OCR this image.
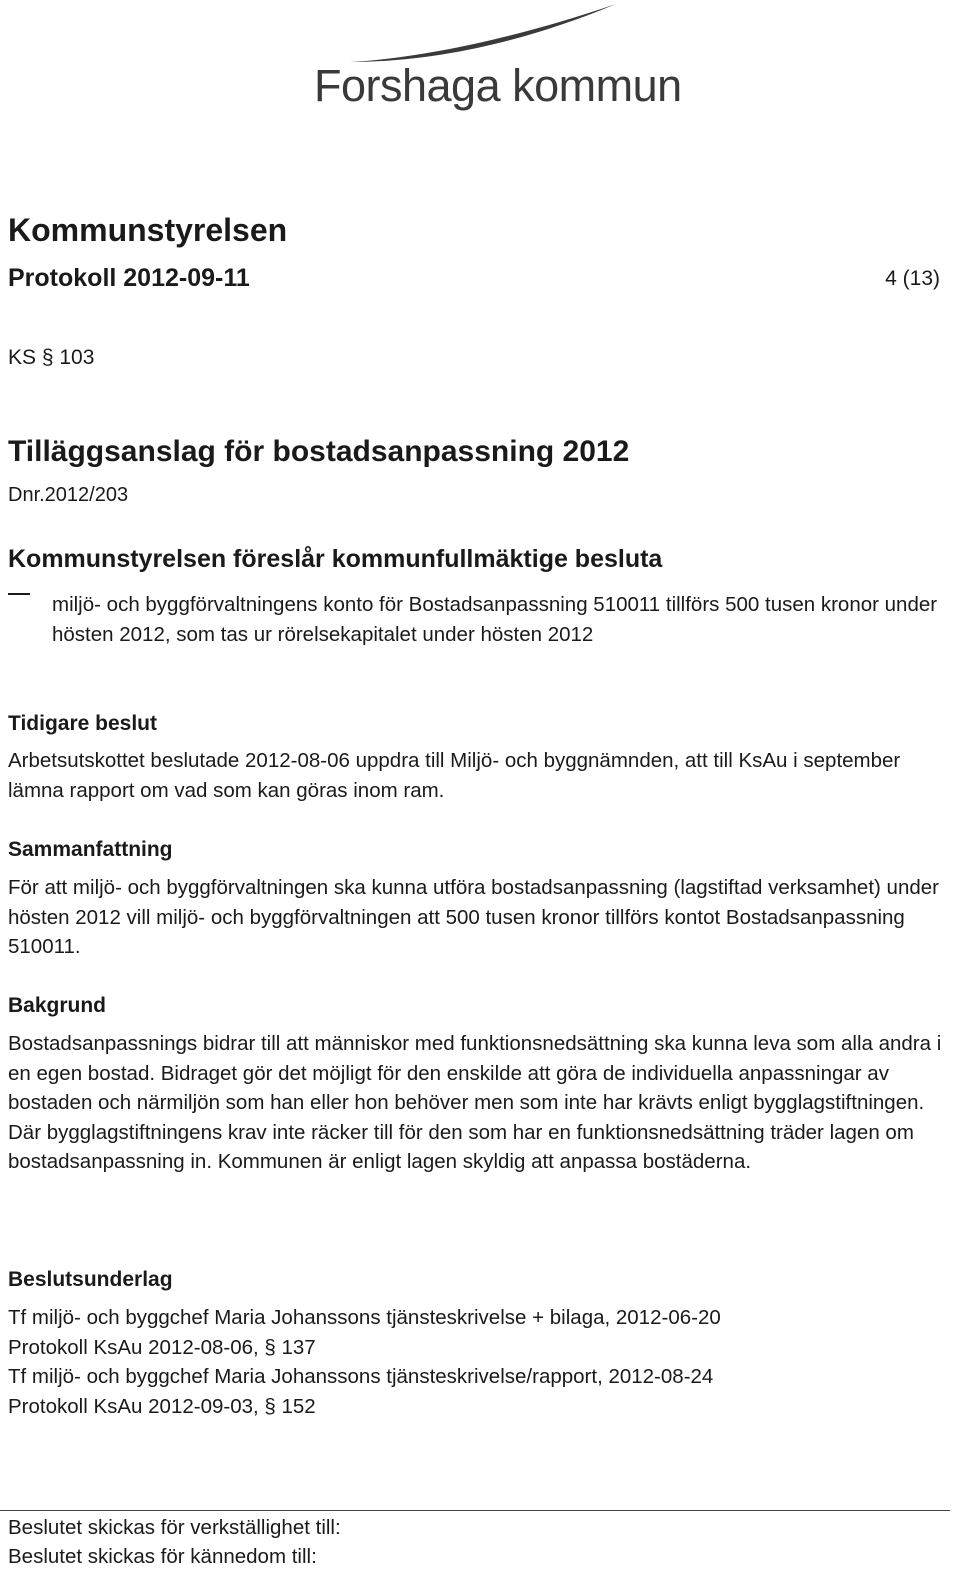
Forshaga kommun
Kommunstyrelsen
Protokoll 2012-09-11	4 (13)
KS § 103
Tilläggsanslag för bostadsanpassning 2012
Dnr.2012/203
Kommunstyrelsen föreslår kommunfullmäktige besluta
miljö- och byggförvaltningens konto för Bostadsanpassning 510011 tillförs 500 tusen kronor under hösten 2012, som tas ur rörelsekapitalet under hösten 2012
Tidigare beslut
Arbetsutskottet beslutade 2012-08-06 uppdra till Miljö- och byggnämnden, att till KsAu i september lämna rapport om vad som kan göras inom ram.
Sammanfattning
För att miljö- och byggförvaltningen ska kunna utföra bostadsanpassning (lagstiftad verksamhet) under hösten 2012 vill miljö- och byggförvaltningen att 500 tusen kronor tillförs kontot Bostadsanpassning 510011.
Bakgrund
Bostadsanpassnings bidrar till att människor med funktionsnedsättning ska kunna leva som alla andra i en egen bostad. Bidraget gör det möjligt för den enskilde att göra de individuella anpassningar av bostaden och närmiljön som han eller hon behöver men som inte har krävts enligt bygglagstiftningen. Där bygglagstiftningens krav inte räcker till för den som har en funktionsnedsättning träder lagen om bostadsanpassning in. Kommunen är enligt lagen skyldig att anpassa bostäderna.
Beslutsunderlag
Tf miljö- och byggchef Maria Johanssons tjänsteskrivelse + bilaga, 2012-06-20
Protokoll KsAu 2012-08-06, § 137
Tf miljö- och byggchef Maria Johanssons tjänsteskrivelse/rapport, 2012-08-24
Protokoll KsAu 2012-09-03, § 152
Beslutet skickas för verkställighet till:
Beslutet skickas för kännedom till:
